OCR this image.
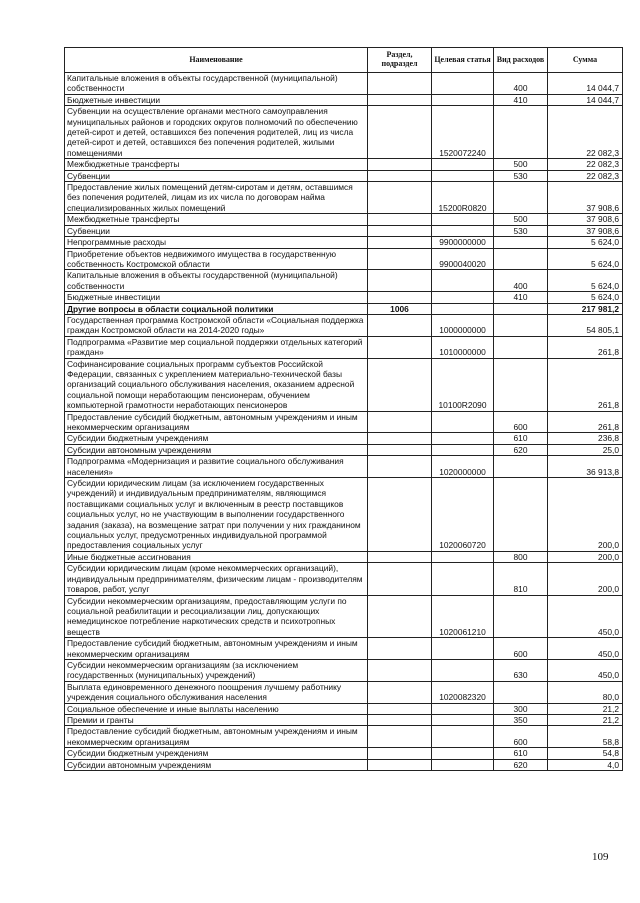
Наименование	Раздел, подраздел	Целевая статья	Вид расходов	Сумма
Капитальные вложения в объекты государственной (муниципальной) собственности			400	14 044,7
Бюджетные инвестиции			410	14 044,7
Субвенции на осуществление органами местного самоуправления муниципальных районов и городских округов полномочий по обеспечению детей-сирот и детей, оставшихся без попечения родителей, лиц из числа детей-сирот и детей, оставшихся без попечения родителей, жилыми помещениями		1520072240		22 082,3
Межбюджетные трансферты			500	22 082,3
Субвенции			530	22 082,3
Предоставление жилых помещений детям-сиротам и детям, оставшимся без попечения родителей, лицам из их числа по договорам найма специализированных жилых помещений		15200R0820		37 908,6
Межбюджетные трансферты			500	37 908,6
Субвенции			530	37 908,6
Непрограммные расходы		9900000000		5 624,0
Приобретение объектов недвижимого имущества в государственную собственность Костромской области		9900040020		5 624,0
Капитальные вложения в объекты государственной (муниципальной) собственности			400	5 624,0
Бюджетные инвестиции			410	5 624,0
Другие вопросы в области социальной политики	1006			217 981,2
Государственная программа Костромской области «Социальная поддержка граждан Костромской области на 2014-2020 годы»		1000000000		54 805,1
Подпрограмма «Развитие мер социальной поддержки отдельных категорий граждан»		1010000000		261,8
Софинансирование социальных программ субъектов Российской Федерации, связанных с укреплением материально-технической базы организаций социального обслуживания населения, оказанием адресной социальной помощи неработающим пенсионерам, обучением компьютерной грамотности неработающих пенсионеров		10100R2090		261,8
Предоставление субсидий бюджетным, автономным учреждениям и иным некоммерческим организациям			600	261,8
Субсидии бюджетным учреждениям			610	236,8
Субсидии автономным учреждениям			620	25,0
Подпрограмма «Модернизация и развитие социального обслуживания населения»		1020000000		36 913,8
Субсидии юридическим лицам (за исключением государственных учреждений) и индивидуальным предпринимателям, являющимся поставщиками социальных услуг и включенным в реестр поставщиков социальных услуг, но не участвующим в выполнении государственного задания (заказа), на возмещение затрат при получении у них гражданином социальных услуг, предусмотренных индивидуальной программой предоставления социальных услуг		1020060720		200,0
Иные бюджетные ассигнования			800	200,0
Субсидии юридическим лицам (кроме некоммерческих организаций), индивидуальным предпринимателям, физическим лицам - производителям товаров, работ, услуг			810	200,0
Субсидии некоммерческим организациям, предоставляющим услуги по социальной реабилитации и ресоциализации лиц, допускающих немедицинское потребление наркотических средств и психотропных веществ		1020061210		450,0
Предоставление субсидий бюджетным, автономным учреждениям и иным некоммерческим организациям			600	450,0
Субсидии некоммерческим организациям (за исключением государственных (муниципальных) учреждений)			630	450,0
Выплата единовременного денежного поощрения лучшему работнику учреждения социального обслуживания населения		1020082320		80,0
Социальное обеспечение и иные выплаты населению			300	21,2
Премии и гранты			350	21,2
Предоставление субсидий бюджетным, автономным учреждениям и иным некоммерческим организациям			600	58,8
Субсидии бюджетным учреждениям			610	54,8
Субсидии автономным учреждениям			620	4,0
109
